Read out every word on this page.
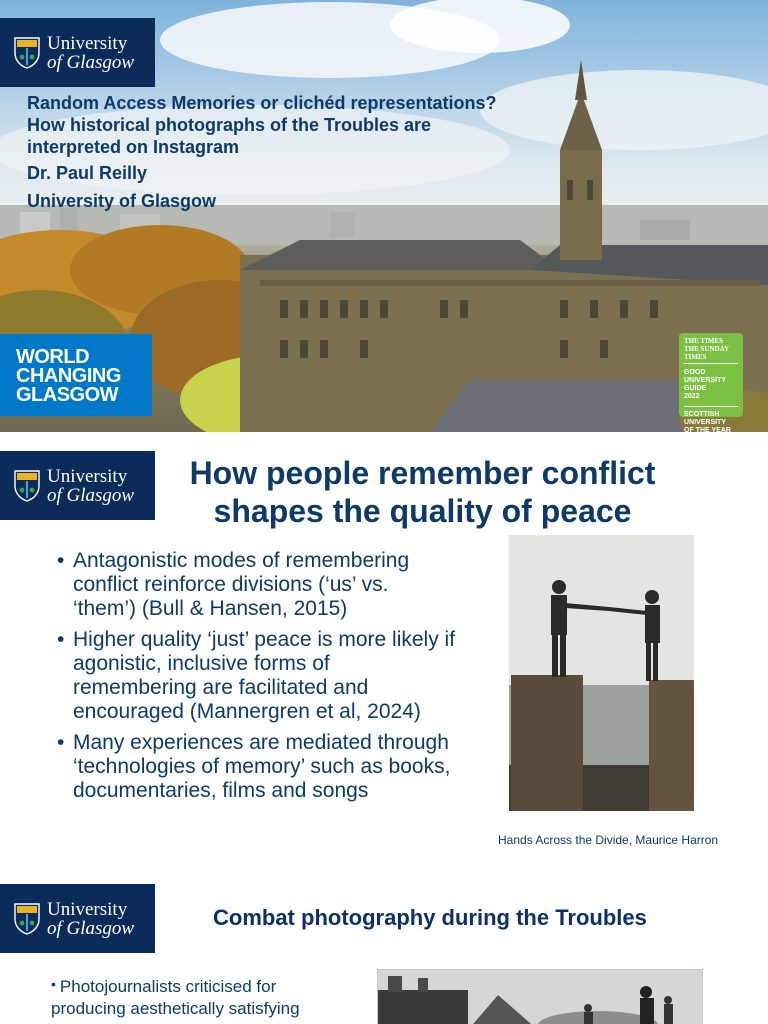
University
of Glasgow
Random Access Memories or clichéd representations?
How historical photographs of the Troubles are
interpreted on Instagram
Dr. Paul Reilly
University of Glasgow
WORLD
CHANGING
GLASGOW
THE TIMES THE SUNDAY TIMES
GOOD
UNIVERSITY
GUIDE
2022
SCOTTISH
UNIVERSITY
OF THE YEAR
University
of Glasgow
How people remember conflict
shapes the quality of peace
• Antagonistic modes of remembering conflict reinforce divisions (‘us’ vs. ‘them’) (Bull & Hansen, 2015)
• Higher quality ‘just’ peace is more likely if agonistic, inclusive forms of remembering are facilitated and encouraged (Mannergren et al, 2024)
• Many experiences are mediated through ‘technologies of memory’ such as books, documentaries, films and songs
Hands Across the Divide, Maurice Harron
University
of Glasgow	Combat photography during the Troubles
• Photojournalists criticised for
producing aesthetically satisfying
